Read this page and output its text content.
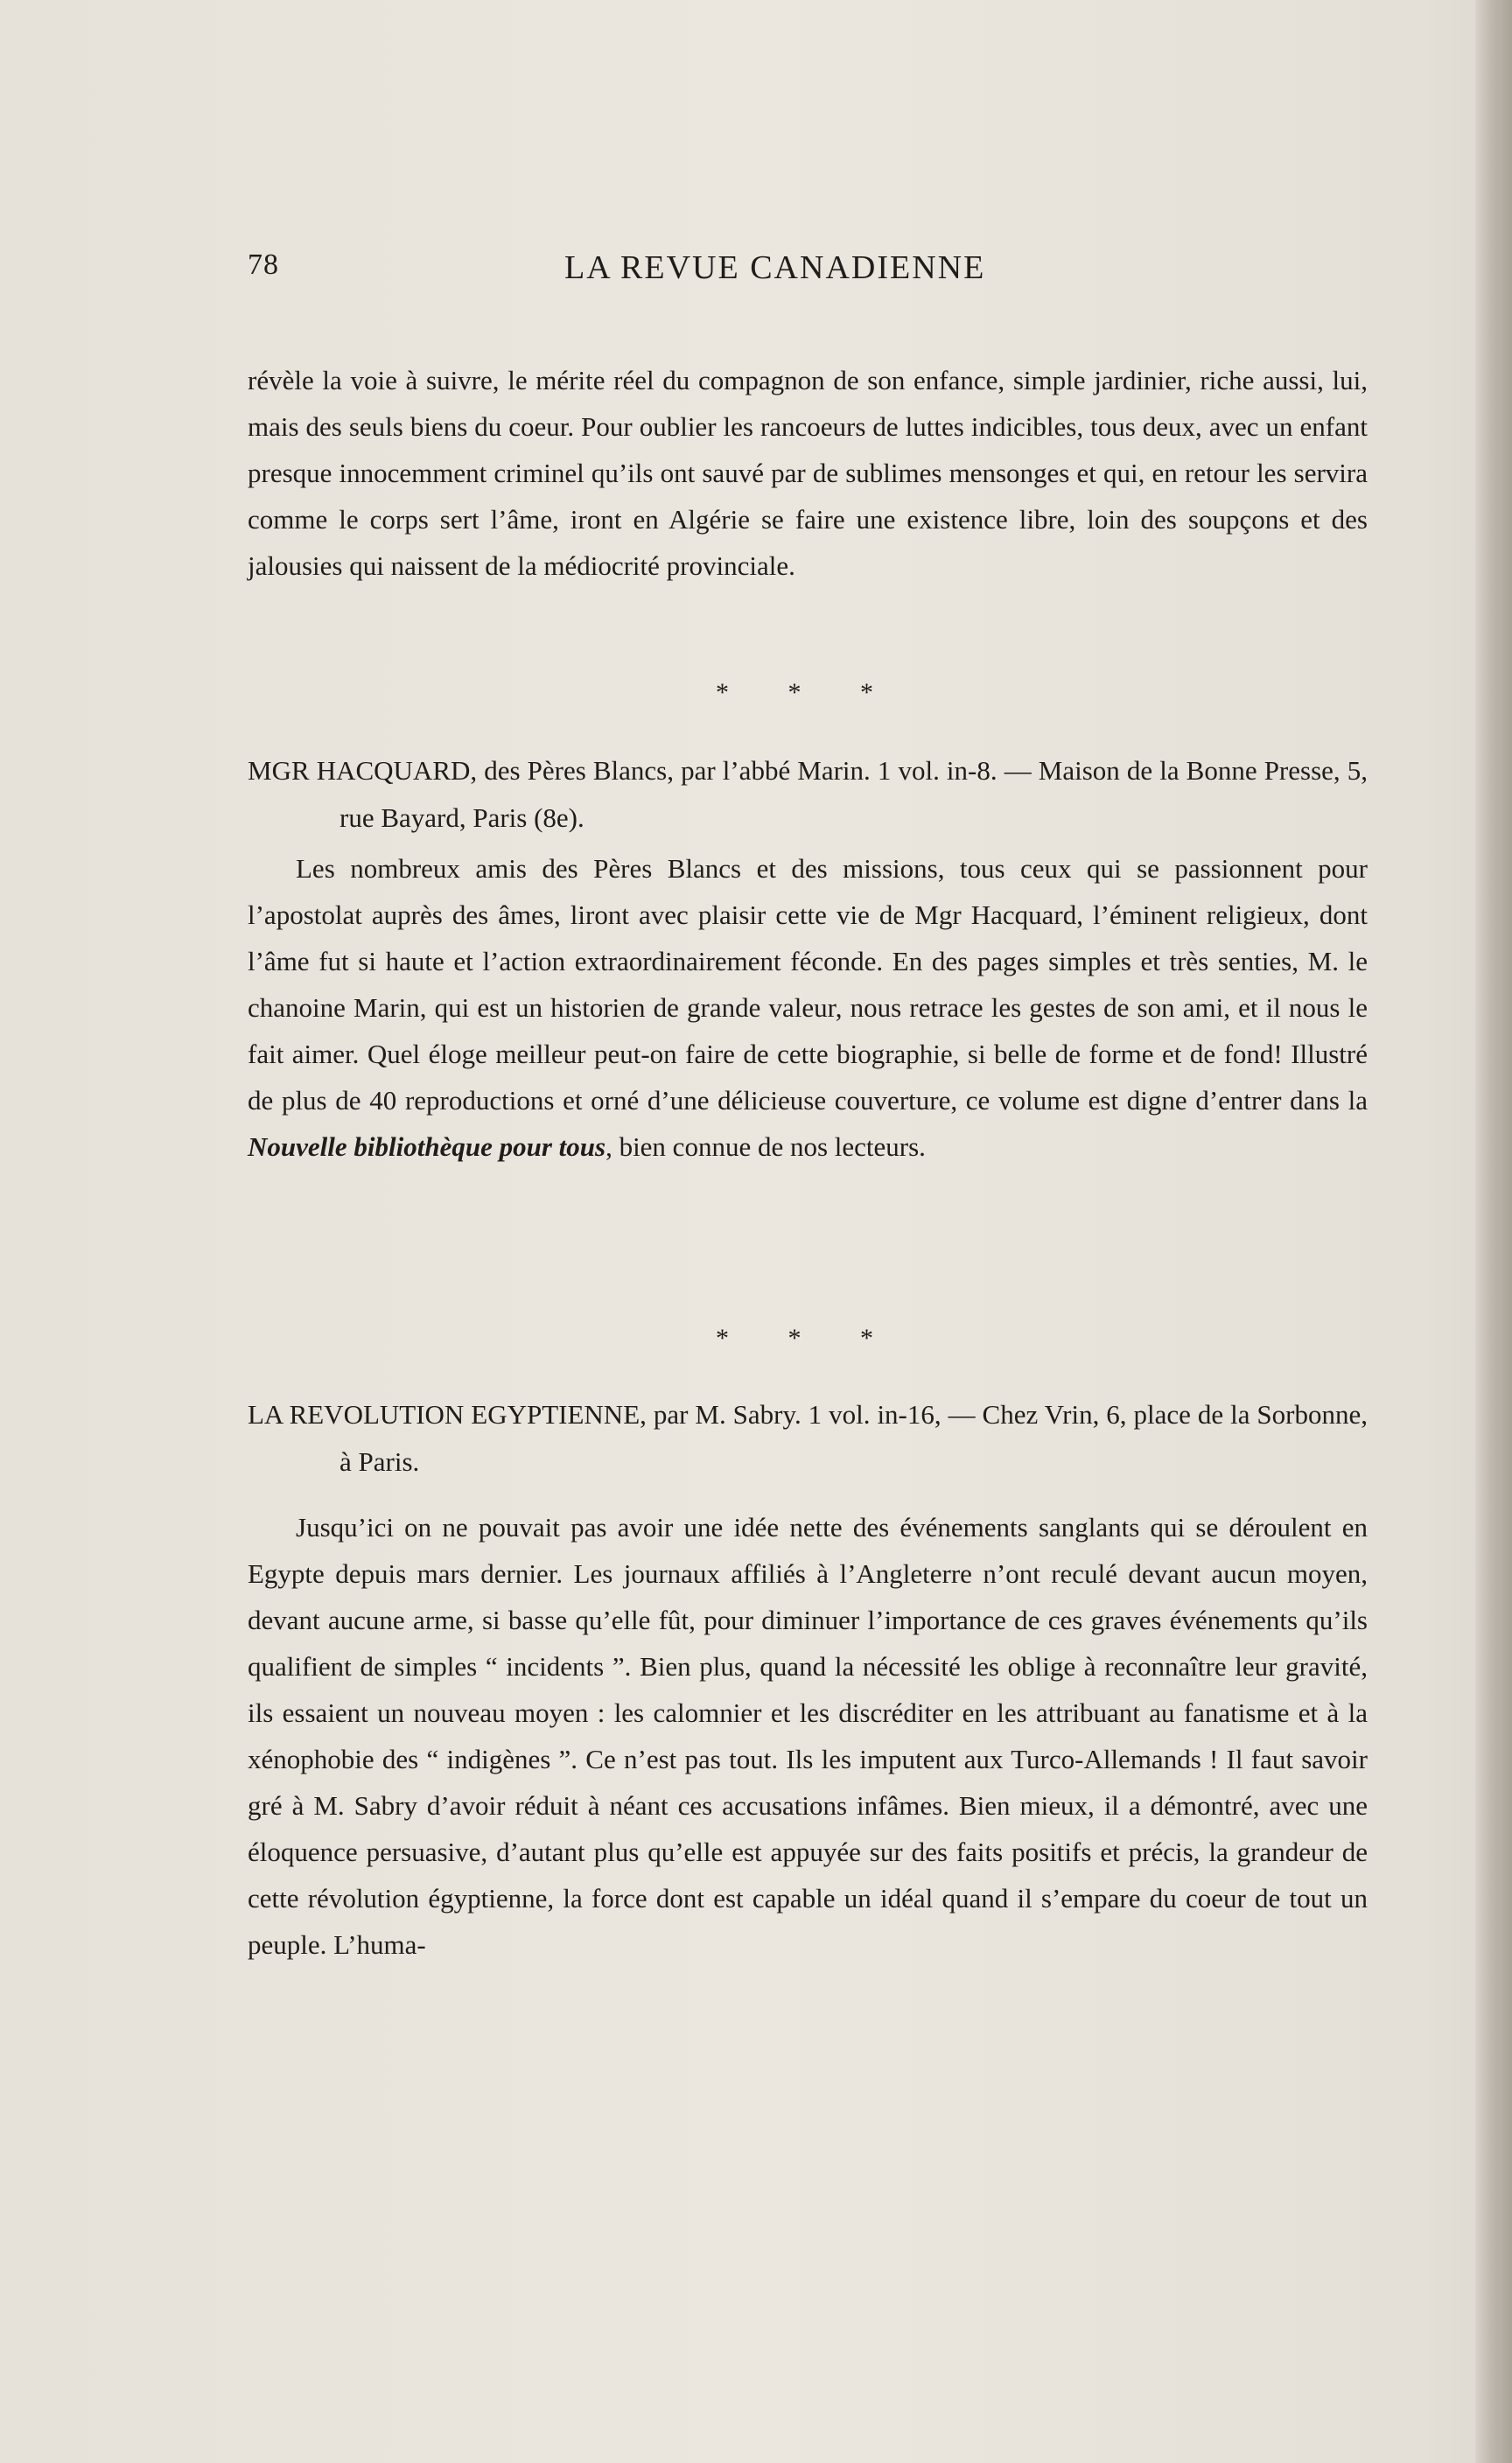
78	LA REVUE CANADIENNE

révèle la voie à suivre, le mérite réel du compagnon de son enfance, simple jardinier, riche aussi, lui, mais des seuls biens du coeur. Pour oublier les rancoeurs de luttes indicibles, tous deux, avec un enfant presque innocemment criminel qu’ils ont sauvé par de sublimes mensonges et qui, en retour les servira comme le corps sert l’âme, iront en Algérie se faire une existence libre, loin des soupçons et des jalousies qui naissent de la médiocrité provinciale.

* * *

MGR HACQUARD, des Pères Blancs, par l’abbé Marin. 1 vol. in-8. — Maison de la Bonne Presse, 5, rue Bayard, Paris (8e).

Les nombreux amis des Pères Blancs et des missions, tous ceux qui se passionnent pour l’apostolat auprès des âmes, liront avec plaisir cette vie de Mgr Hacquard, l’éminent religieux, dont l’âme fut si haute et l’action extraordinairement féconde. En des pages simples et très senties, M. le chanoine Marin, qui est un historien de grande valeur, nous retrace les gestes de son ami, et il nous le fait aimer. Quel éloge meilleur peut-on faire de cette biographie, si belle de forme et de fond! Illustré de plus de 40 reproductions et orné d’une délicieuse couverture, ce volume est digne d’entrer dans la Nouvelle bibliothèque pour tous, bien connue de nos lecteurs.

* * *

LA REVOLUTION EGYPTIENNE, par M. Sabry. 1 vol. in-16, — Chez Vrin, 6, place de la Sorbonne, à Paris.

Jusqu’ici on ne pouvait pas avoir une idée nette des événements sanglants qui se déroulent en Egypte depuis mars dernier. Les journaux affiliés à l’Angleterre n’ont reculé devant aucun moyen, devant aucune arme, si basse qu’elle fût, pour diminuer l’importance de ces graves événements qu’ils qualifient de simples “ incidents ”. Bien plus, quand la nécessité les oblige à reconnaître leur gravité, ils essaient un nouveau moyen : les calomnier et les discréditer en les attribuant au fanatisme et à la xénophobie des “ indigènes ”. Ce n’est pas tout. Ils les imputent aux Turco-Allemands ! Il faut savoir gré à M. Sabry d’avoir réduit à néant ces accusations infâmes. Bien mieux, il a démontré, avec une éloquence persuasive, d’autant plus qu’elle est appuyée sur des faits positifs et précis, la grandeur de cette révolution égyptienne, la force dont est capable un idéal quand il s’empare du coeur de tout un peuple. L’huma-
